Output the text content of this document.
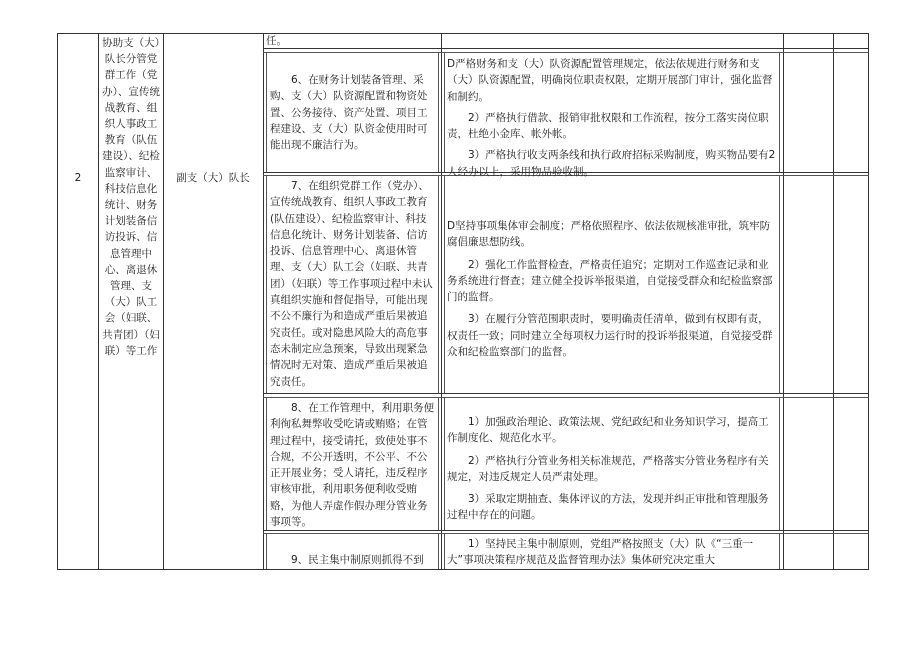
2
协助支（大）队长分管党群工作（党办）、宣传统战教育、组织人事政工教育（队伍建设）、纪检监察审计、科技信息化统计、财务计划装备信访投诉、信息管理中心、离退休管理、支（大）队工会（妇联、共青团）（妇联）等工作
副支（大）队长
任。
6、在财务计划装备管理、采购、支（大）队资源配置和物资处置、公务接待、资产处置、项目工程建设、支（大）队资金使用时可能出现不廉洁行为。

D严格财务和支（大）队资源配置管理规定，依法依规进行财务和支（大）队资源配置，明确岗位职责权限，定期开展部门审计，强化监督和制约。

2）严格执行借款、报销审批权限和工作流程，按分工落实岗位职责，杜绝小金库、帐外帐。

3）严格执行收支两条线和执行政府招标采购制度，购买物品要有2人经办以上，采用物品验收制。

7、在组织党群工作（党办）、宣传统战教育、组织人事政工教育(队伍建设）、纪检监察审计、科技信息化统计、财务计划装备、信访投诉、信息管理中心、离退休管理、支（大）队工会（妇联、共青团）（妇联）等工作事项过程中未认真组织实施和督促指导，可能出现不公不廉行为和造成严重后果被追究责任。或对隐患风险大的高危事态未制定应急预案，导致出现紧急情况时无对策、造成严重后果被追究责任。

D坚持事项集体审会制度；严格依照程序、依法依规核准审批，筑牢防腐倡廉思想防线。

2）强化工作监督检查，严格责任追究；定期对工作巡查记录和业务系统进行督查；建立健全投诉举报渠道，自觉接受群众和纪检监察部门的监督。

3）在履行分管范围职责时，要明确责任清单，做到有权即有责，权责任一致；同时建立全每项权力运行时的投诉举报渠道，自觉接受群众和纪检监察部门的监督。

8、在工作管理中，利用职务便利徇私舞弊收受吃请或贿赂；在管理过程中，接受请托，致使处事不合规，不公开透明，不公平、不公正开展业务；受人请托，违反程序审核审批，利用职务便利收受贿赂，为他人弄虚作假办理分管业务事项等。

1）加强政治理论、政策法规、党纪政纪和业务知识学习，提高工作制度化、规范化水平。

2）严格执行分管业务相关标准规范，严格落实分管业务程序有关规定，对违反规定人员严肃处理。

3）采取定期抽查、集体评议的方法，发现并纠正审批和管理服务过程中存在的问题。

9、民主集中制原则抓得不到

1）坚持民主集中制原则，党组严格按照支（大）队《“三重一大”事项决策程序规范及监督管理办法》集体研究决定重大
